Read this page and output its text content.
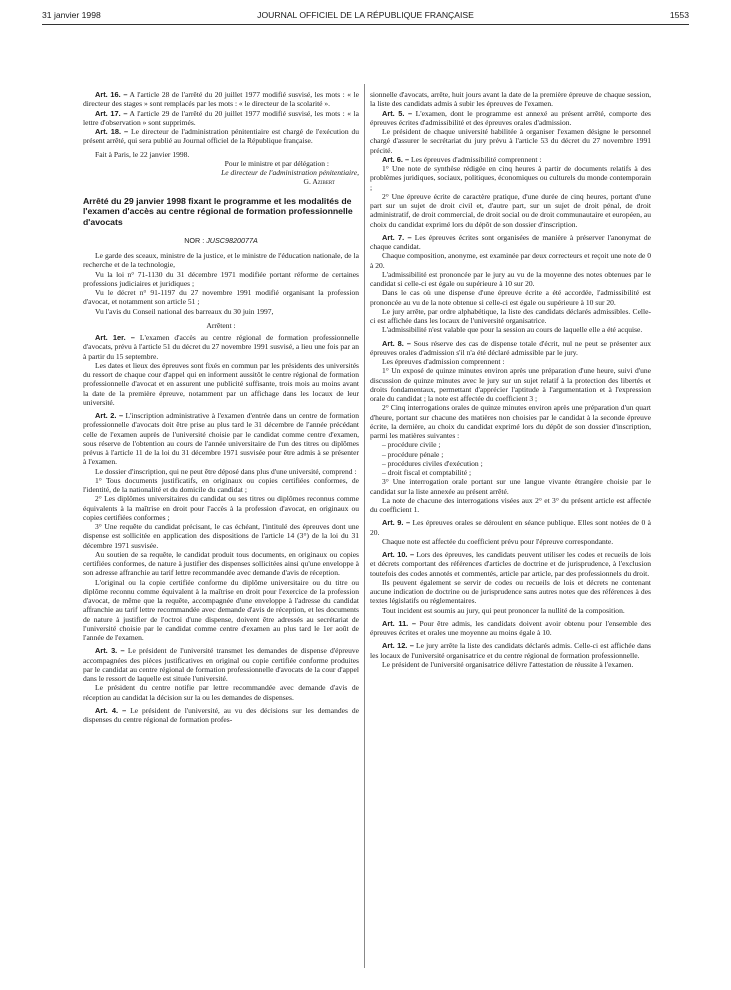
31 janvier 1998	JOURNAL OFFICIEL DE LA RÉPUBLIQUE FRANÇAISE	1553

Art. 16. – A l'article 28 de l'arrêté du 20 juillet 1977 modifié susvisé, les mots : « le directeur des stages » sont remplacés par les mots : « le directeur de la scolarité ».

Art. 17. – A l'article 29 de l'arrêté du 20 juillet 1977 modifié susvisé, les mots : « la lettre d'observation » sont supprimés.

Art. 18. – Le directeur de l'administration pénitentiaire est chargé de l'exécution du présent arrêté, qui sera publié au Journal officiel de la République française.

Fait à Paris, le 22 janvier 1998.

Pour le ministre et par délégation :

Le directeur de l'administration pénitentiaire,

G. Azibert

Arrêté du 29 janvier 1998 fixant le programme et les modalités de l'examen d'accès au centre régional de formation professionnelle d'avocats

NOR : JUSC9820077A

Le garde des sceaux, ministre de la justice, et le ministre de l'éducation nationale, de la recherche et de la technologie,

Vu la loi n° 71-1130 du 31 décembre 1971 modifiée portant réforme de certaines professions judiciaires et juridiques ;

Vu le décret n° 91-1197 du 27 novembre 1991 modifié organisant la profession d'avocat, et notamment son article 51 ;

Vu l'avis du Conseil national des barreaux du 30 juin 1997,

Arrêtent :

Art. 1er. – L'examen d'accès au centre régional de formation professionnelle d'avocats, prévu à l'article 51 du décret du 27 novembre 1991 susvisé, a lieu une fois par an à partir du 15 septembre.

Les dates et lieux des épreuves sont fixés en commun par les présidents des universités du ressort de chaque cour d'appel qui en informent aussitôt le centre régional de formation professionnelle d'avocat et en assurent une publicité suffisante, trois mois au moins avant la date de la première épreuve, notamment par un affichage dans les locaux de leur université.

Art. 2. – L'inscription administrative à l'examen d'entrée dans un centre de formation professionnelle d'avocats doit être prise au plus tard le 31 décembre de l'année précédant celle de l'examen auprès de l'université choisie par le candidat comme centre d'examen, sous réserve de l'obtention au cours de l'année universitaire de l'un des titres ou diplômes prévus à l'article 11 de la loi du 31 décembre 1971 susvisée pour être admis à se présenter à l'examen.

Le dossier d'inscription, qui ne peut être déposé dans plus d'une université, comprend :

1° Tous documents justificatifs, en originaux ou copies certifiées conformes, de l'identité, de la nationalité et du domicile du candidat ;

2° Les diplômes universitaires du candidat ou ses titres ou diplômes reconnus comme équivalents à la maîtrise en droit pour l'accès à la profession d'avocat, en originaux ou copies certifiées conformes ;

3° Une requête du candidat précisant, le cas échéant, l'intitulé des épreuves dont une dispense est sollicitée en application des dispositions de l'article 14 (3°) de la loi du 31 décembre 1971 susvisée.

Au soutien de sa requête, le candidat produit tous documents, en originaux ou copies certifiées conformes, de nature à justifier des dispenses sollicitées ainsi qu'une enveloppe à son adresse affranchie au tarif lettre recommandée avec demande d'avis de réception.

L'original ou la copie certifiée conforme du diplôme universitaire ou du titre ou diplôme reconnu comme équivalent à la maîtrise en droit pour l'exercice de la profession d'avocat, de même que la requête, accompagnée d'une enveloppe à l'adresse du candidat affranchie au tarif lettre recommandée avec demande d'avis de réception, et les documents de nature à justifier de l'octroi d'une dispense, doivent être adressés au secrétariat de l'université choisie par le candidat comme centre d'examen au plus tard le 1er août de l'année de l'examen.

Art. 3. – Le président de l'université transmet les demandes de dispense d'épreuve accompagnées des pièces justificatives en original ou copie certifiée conforme produites par le candidat au centre régional de formation professionnelle d'avocats de la cour d'appel dans le ressort de laquelle est située l'université.

Le président du centre notifie par lettre recommandée avec demande d'avis de réception au candidat la décision sur la ou les demandes de dispenses.

Art. 4. – Le président de l'université, au vu des décisions sur les demandes de dispenses du centre régional de formation profes-

sionnelle d'avocats, arrête, huit jours avant la date de la première épreuve de chaque session, la liste des candidats admis à subir les épreuves de l'examen.

Art. 5. – L'examen, dont le programme est annexé au présent arrêté, comporte des épreuves écrites d'admissibilité et des épreuves orales d'admission.

Le président de chaque université habilitée à organiser l'examen désigne le personnel chargé d'assurer le secrétariat du jury prévu à l'article 53 du décret du 27 novembre 1991 précité.

Art. 6. – Les épreuves d'admissibilité comprennent :

1° Une note de synthèse rédigée en cinq heures à partir de documents relatifs à des problèmes juridiques, sociaux, politiques, économiques ou culturels du monde contemporain ;

2° Une épreuve écrite de caractère pratique, d'une durée de cinq heures, portant d'une part sur un sujet de droit civil et, d'autre part, sur un sujet de droit pénal, de droit administratif, de droit commercial, de droit social ou de droit communautaire et européen, au choix du candidat exprimé lors du dépôt de son dossier d'inscription.

Art. 7. – Les épreuves écrites sont organisées de manière à préserver l'anonymat de chaque candidat.

Chaque composition, anonyme, est examinée par deux correcteurs et reçoit une note de 0 à 20.

L'admissibilité est prononcée par le jury au vu de la moyenne des notes obtenues par le candidat si celle-ci est égale ou supérieure à 10 sur 20.

Dans le cas où une dispense d'une épreuve écrite a été accordée, l'admissibilité est prononcée au vu de la note obtenue si celle-ci est égale ou supérieure à 10 sur 20.

Le jury arrête, par ordre alphabétique, la liste des candidats déclarés admissibles. Celle-ci est affichée dans les locaux de l'université organisatrice.

L'admissibilité n'est valable que pour la session au cours de laquelle elle a été acquise.

Art. 8. – Sous réserve des cas de dispense totale d'écrit, nul ne peut se présenter aux épreuves orales d'admission s'il n'a été déclaré admissible par le jury.

Les épreuves d'admission comprennent :

1° Un exposé de quinze minutes environ après une préparation d'une heure, suivi d'une discussion de quinze minutes avec le jury sur un sujet relatif à la protection des libertés et droits fondamentaux, permettant d'apprécier l'aptitude à l'argumentation et à l'expression orale du candidat ; la note est affectée du coefficient 3 ;

2° Cinq interrogations orales de quinze minutes environ après une préparation d'un quart d'heure, portant sur chacune des matières non choisies par le candidat à la seconde épreuve écrite, la dernière, au choix du candidat exprimé lors du dépôt de son dossier d'inscription, parmi les matières suivantes :

– procédure civile ;

– procédure pénale ;

– procédures civiles d'exécution ;

– droit fiscal et comptabilité ;

3° Une interrogation orale portant sur une langue vivante étrangère choisie par le candidat sur la liste annexée au présent arrêté.

La note de chacune des interrogations visées aux 2° et 3° du présent article est affectée du coefficient 1.

Art. 9. – Les épreuves orales se déroulent en séance publique. Elles sont notées de 0 à 20.

Chaque note est affectée du coefficient prévu pour l'épreuve correspondante.

Art. 10. – Lors des épreuves, les candidats peuvent utiliser les codes et recueils de lois et décrets comportant des références d'articles de doctrine et de jurisprudence, à l'exclusion toutefois des codes annotés et commentés, article par article, par des professionnels du droit.

Ils peuvent également se servir de codes ou recueils de lois et décrets ne contenant aucune indication de doctrine ou de jurisprudence sans autres notes que des références à des textes législatifs ou réglementaires.

Tout incident est soumis au jury, qui peut prononcer la nullité de la composition.

Art. 11. – Pour être admis, les candidats doivent avoir obtenu pour l'ensemble des épreuves écrites et orales une moyenne au moins égale à 10.

Art. 12. – Le jury arrête la liste des candidats déclarés admis. Celle-ci est affichée dans les locaux de l'université organisatrice et du centre régional de formation professionnelle.

Le président de l'université organisatrice délivre l'attestation de réussite à l'examen.
